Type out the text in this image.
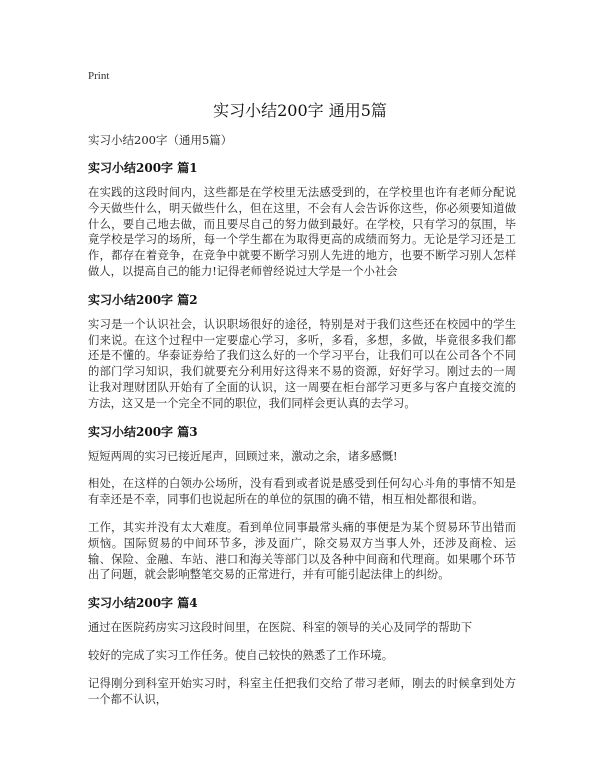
Print
实习小结200字 通用5篇

实习小结200字（通用5篇）

实习小结200字 篇1

在实践的这段时间内，这些都是在学校里无法感受到的，在学校里也许有老师分配说今天做些什么，明天做些什么，但在这里，不会有人会告诉你这些，你必须要知道做什么，要自己地去做，而且要尽自己的努力做到最好。在学校，只有学习的氛围，毕竟学校是学习的场所，每一个学生都在为取得更高的成绩而努力。无论是学习还是工作，都存在着竞争，在竞争中就要不断学习别人先进的地方，也要不断学习别人怎样做人，以提高自己的能力!记得老师曾经说过大学是一个小社会

实习小结200字 篇2

实习是一个认识社会，认识职场很好的途径，特别是对于我们这些还在校园中的学生们来说。在这个过程中一定要虚心学习，多听，多看，多想，多做，毕竟很多我们都还是不懂的。华泰证券给了我们这么好的一个学习平台，让我们可以在公司各个不同的部门学习知识，我们就要充分利用好这得来不易的资源，好好学习。刚过去的一周让我对理财团队开始有了全面的认识，这一周要在柜台部学习更多与客户直接交流的方法，这又是一个完全不同的职位，我们同样会更认真的去学习。

实习小结200字 篇3

短短两周的实习已接近尾声，回顾过来，激动之余，诸多感慨!

相处，在这样的白领办公场所，没有看到或者说是感受到任何勾心斗角的事情不知是有幸还是不幸，同事们也说起所在的单位的氛围的确不错，相互相处都很和谐。

工作，其实并没有太大难度。看到单位同事最常头痛的事便是为某个贸易环节出错而烦恼。国际贸易的中间环节多，涉及面广，除交易双方当事人外，还涉及商检、运输、保险、金融、车站、港口和海关等部门以及各种中间商和代理商。如果哪个环节出了问题，就会影响整笔交易的正常进行，并有可能引起法律上的纠纷。

实习小结200字 篇4

通过在医院药房实习这段时间里，在医院、科室的领导的关心及同学的帮助下

较好的完成了实习工作任务。使自己较快的熟悉了工作环境。

记得刚分到科室开始实习时，科室主任把我们交给了带习老师，刚去的时候拿到处方一个都不认识，
